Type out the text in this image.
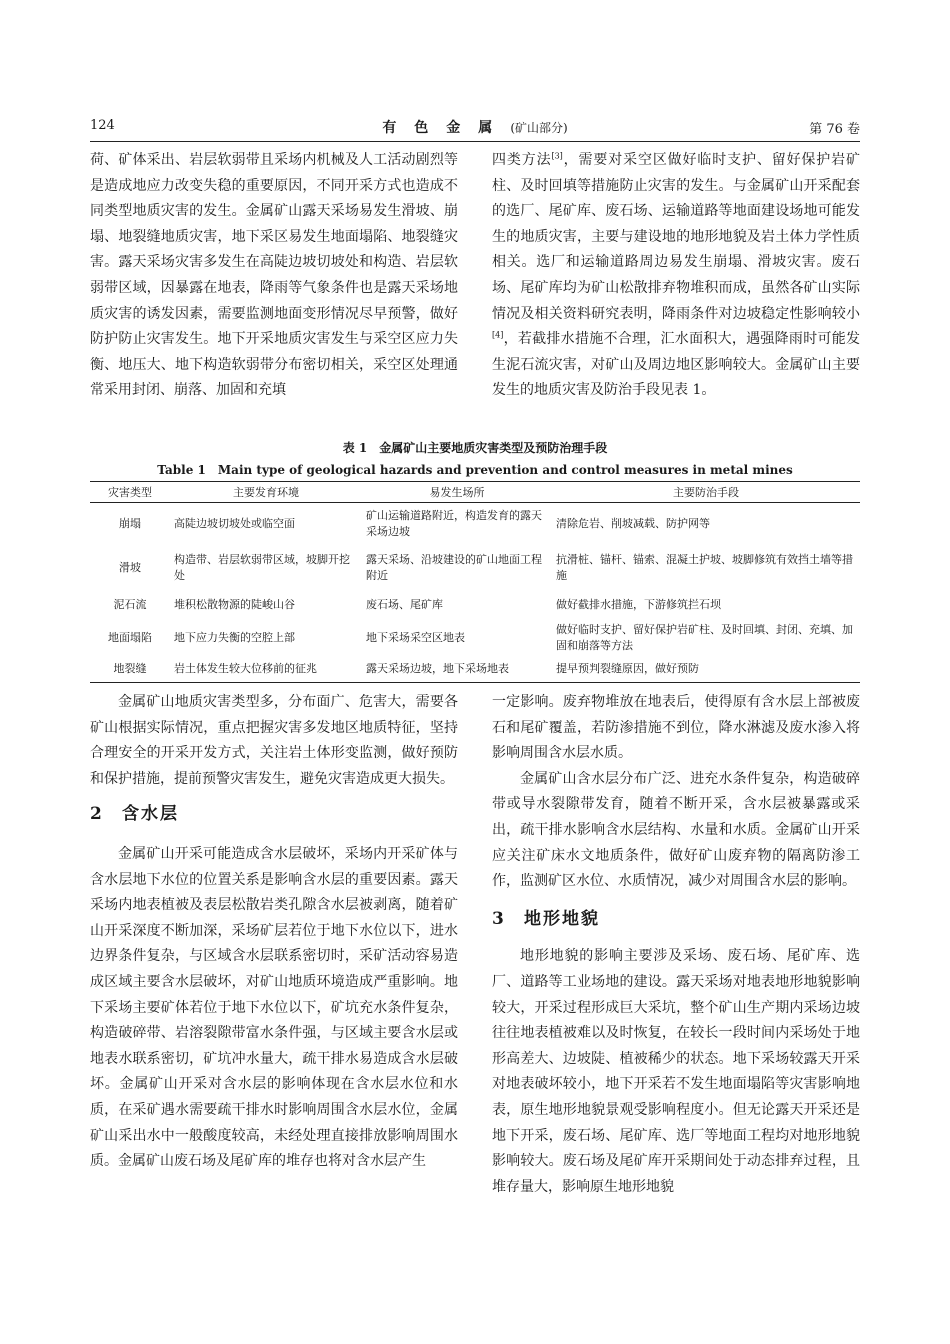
124	有色金属(矿山部分)	第 76 卷

荷、矿体采出、岩层软弱带且采场内机械及人工活动剧烈等是造成地应力改变失稳的重要原因，不同开采方式也造成不同类型地质灾害的发生。金属矿山露天采场易发生滑坡、崩塌、地裂缝地质灾害，地下采区易发生地面塌陷、地裂缝灾害。露天采场灾害多发生在高陡边坡切坡处和构造、岩层软弱带区域，因暴露在地表，降雨等气象条件也是露天采场地质灾害的诱发因素，需要监测地面变形情况尽早预警，做好防护防止灾害发生。地下开采地质灾害发生与采空区应力失衡、地压大、地下构造软弱带分布密切相关，采空区处理通常采用封闭、崩落、加固和充填

四类方法[3]，需要对采空区做好临时支护、留好保护岩矿柱、及时回填等措施防止灾害的发生。与金属矿山开采配套的选厂、尾矿库、废石场、运输道路等地面建设场地可能发生的地质灾害，主要与建设地的地形地貌及岩土体力学性质相关。选厂和运输道路周边易发生崩塌、滑坡灾害。废石场、尾矿库均为矿山松散排弃物堆积而成，虽然各矿山实际情况及相关资料研究表明，降雨条件对边坡稳定性影响较小[4]，若截排水措施不合理，汇水面积大，遇强降雨时可能发生泥石流灾害，对矿山及周边地区影响较大。金属矿山主要发生的地质灾害及防治手段见表 1。

表 1　金属矿山主要地质灾害类型及预防治理手段
Table 1　Main type of geological hazards and prevention and control measures in metal mines
灾害类型	主要发育环境	易发生场所	主要防治手段
崩塌	高陡边坡切坡处或临空面	矿山运输道路附近，构造发育的露天采场边坡	清除危岩、削坡减载、防护网等
滑坡	构造带、岩层软弱带区域，坡脚开挖处	露天采场、沿坡建设的矿山地面工程附近	抗滑桩、锚杆、锚索、混凝土护坡、坡脚修筑有效挡土墙等措施
泥石流	堆积松散物源的陡峻山谷	废石场、尾矿库	做好截排水措施，下游修筑拦石坝
地面塌陷	地下应力失衡的空腔上部	地下采场采空区地表	做好临时支护、留好保护岩矿柱、及时回填、封闭、充填、加固和崩落等方法
地裂缝	岩土体发生较大位移前的征兆	露天采场边坡，地下采场地表	提早预判裂缝原因，做好预防

金属矿山地质灾害类型多，分布面广、危害大，需要各矿山根据实际情况，重点把握灾害多发地区地质特征，坚持合理安全的开采开发方式，关注岩土体形变监测，做好预防和保护措施，提前预警灾害发生，避免灾害造成更大损失。

2 含水层

金属矿山开采可能造成含水层破坏，采场内开采矿体与含水层地下水位的位置关系是影响含水层的重要因素。露天采场内地表植被及表层松散岩类孔隙含水层被剥离，随着矿山开采深度不断加深，采场矿层若位于地下水位以下，进水边界条件复杂，与区域含水层联系密切时，采矿活动容易造成区域主要含水层破坏，对矿山地质环境造成严重影响。地下采场主要矿体若位于地下水位以下，矿坑充水条件复杂，构造破碎带、岩溶裂隙带富水条件强，与区域主要含水层或地表水联系密切，矿坑冲水量大，疏干排水易造成含水层破坏。金属矿山开采对含水层的影响体现在含水层水位和水质，在采矿遇水需要疏干排水时影响周围含水层水位，金属矿山采出水中一般酸度较高，未经处理直接排放影响周围水质。金属矿山废石场及尾矿库的堆存也将对含水层产生

一定影响。废弃物堆放在地表后，使得原有含水层上部被废石和尾矿覆盖，若防渗措施不到位，降水淋滤及废水渗入将影响周围含水层水质。

金属矿山含水层分布广泛、进充水条件复杂，构造破碎带或导水裂隙带发育，随着不断开采，含水层被暴露或采出，疏干排水影响含水层结构、水量和水质。金属矿山开采应关注矿床水文地质条件，做好矿山废弃物的隔离防渗工作，监测矿区水位、水质情况，减少对周围含水层的影响。

3 地形地貌

地形地貌的影响主要涉及采场、废石场、尾矿库、选厂、道路等工业场地的建设。露天采场对地表地形地貌影响较大，开采过程形成巨大采坑，整个矿山生产期内采场边坡往往地表植被难以及时恢复，在较长一段时间内采场处于地形高差大、边坡陡、植被稀少的状态。地下采场较露天开采对地表破坏较小，地下开采若不发生地面塌陷等灾害影响地表，原生地形地貌景观受影响程度小。但无论露天开采还是地下开采，废石场、尾矿库、选厂等地面工程均对地形地貌影响较大。废石场及尾矿库开采期间处于动态排弃过程，且堆存量大，影响原生地形地貌
